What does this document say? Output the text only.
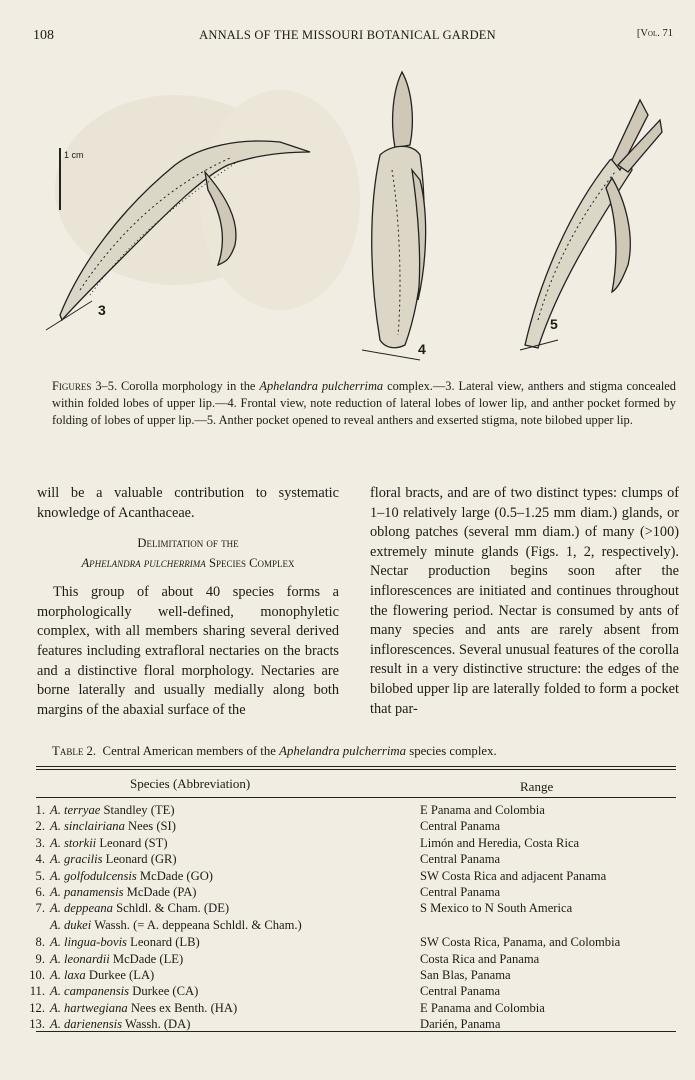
108	ANNALS OF THE MISSOURI BOTANICAL GARDEN	[Vol. 71
1 cm
3
4
5
Figures 3–5. Corolla morphology in the Aphelandra pulcherrima complex.—3. Lateral view, anthers and stigma concealed within folded lobes of upper lip.—4. Frontal view, note reduction of lateral lobes of lower lip, and anther pocket formed by folding of lobes of upper lip.—5. Anther pocket opened to reveal anthers and exserted stigma, note bilobed upper lip.

will be a valuable contribution to systematic knowledge of Acanthaceae.

Delimitation of the
Aphelandra pulcherrima Species Complex

This group of about 40 species forms a morphologically well-defined, monophyletic complex, with all members sharing several derived features including extrafloral nectaries on the bracts and a distinctive floral morphology. Nectaries are borne laterally and usually medially along both margins of the abaxial surface of the

floral bracts, and are of two distinct types: clumps of 1–10 relatively large (0.5–1.25 mm diam.) glands, or oblong patches (several mm diam.) of many (>100) extremely minute glands (Figs. 1, 2, respectively). Nectar production begins soon after the inflorescences are initiated and continues throughout the flowering period. Nectar is consumed by ants of many species and ants are rarely absent from inflorescences. Several unusual features of the corolla result in a very distinctive structure: the edges of the bilobed upper lip are laterally folded to form a pocket that par-

Table 2. Central American members of the Aphelandra pulcherrima species complex.
Species (Abbreviation)	Range
1. A. terryae Standley (TE)	E Panama and Colombia
2. A. sinclairiana Nees (SI)	Central Panama
3. A. storkii Leonard (ST)	Limón and Heredia, Costa Rica
4. A. gracilis Leonard (GR)	Central Panama
5. A. golfodulcensis McDade (GO)	SW Costa Rica and adjacent Panama
6. A. panamensis McDade (PA)	Central Panama
7. A. deppeana Schldl. & Cham. (DE)	S Mexico to N South America
A. dukei Wassh. (= A. deppeana Schldl. & Cham.)
8. A. lingua-bovis Leonard (LB)	SW Costa Rica, Panama, and Colombia
9. A. leonardii McDade (LE)	Costa Rica and Panama
10. A. laxa Durkee (LA)	San Blas, Panama
11. A. campanensis Durkee (CA)	Central Panama
12. A. hartwegiana Nees ex Benth. (HA)	E Panama and Colombia
13. A. darienensis Wassh. (DA)	Darién, Panama
